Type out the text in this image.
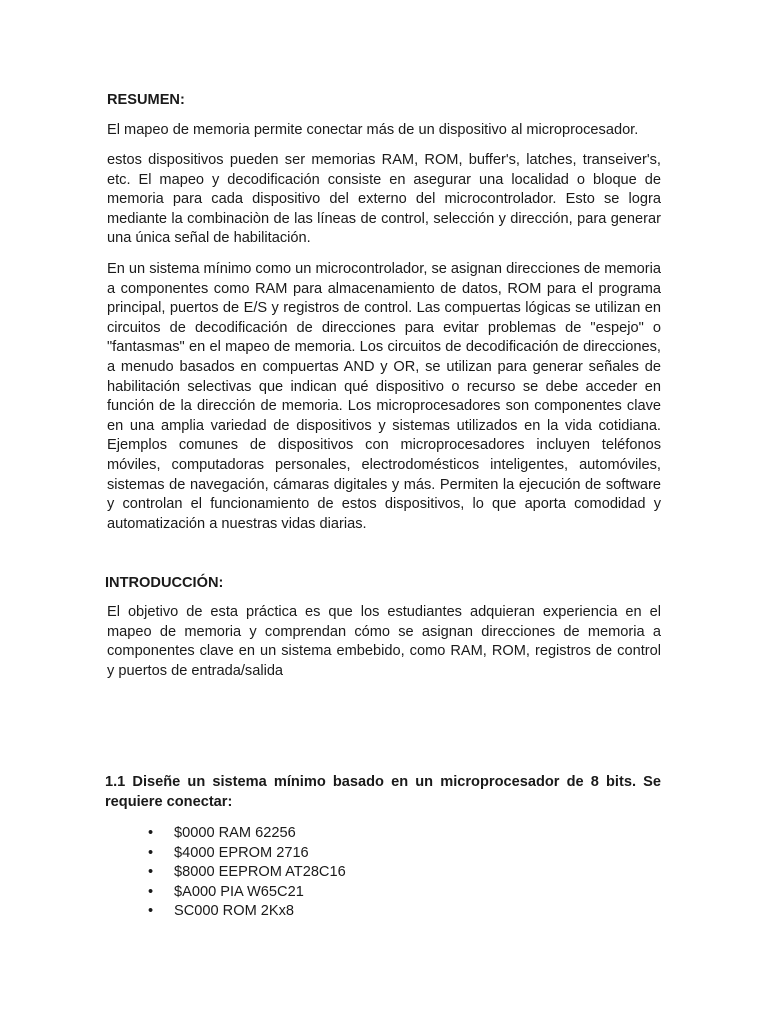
RESUMEN:
El mapeo de memoria permite conectar más de un dispositivo al microprocesador.
estos dispositivos pueden ser memorias RAM, ROM, buffer's, latches, transeiver's, etc. El mapeo y decodificación consiste en asegurar una localidad o bloque de memoria para cada dispositivo del externo del microcontrolador. Esto se logra mediante la combinaciòn de las líneas de control, selección y dirección, para generar una única señal de habilitación.
En un sistema mínimo como un microcontrolador, se asignan direcciones de memoria a componentes como RAM para almacenamiento de datos, ROM para el programa principal, puertos de E/S y registros de control. Las compuertas lógicas se utilizan en circuitos de decodificación de direcciones para evitar problemas de "espejo" o "fantasmas" en el mapeo de memoria. Los circuitos de decodificación de direcciones, a menudo basados en compuertas AND y OR, se utilizan para generar señales de habilitación selectivas que indican qué dispositivo o recurso se debe acceder en función de la dirección de memoria. Los microprocesadores son componentes clave en una amplia variedad de dispositivos y sistemas utilizados en la vida cotidiana. Ejemplos comunes de dispositivos con microprocesadores incluyen teléfonos móviles, computadoras personales, electrodomésticos inteligentes, automóviles, sistemas de navegación, cámaras digitales y más. Permiten la ejecución de software y controlan el funcionamiento de estos dispositivos, lo que aporta comodidad y automatización a nuestras vidas diarias.
INTRODUCCIÓN:
El objetivo de esta práctica es que los estudiantes adquieran experiencia en el mapeo de memoria y comprendan cómo se asignan direcciones de memoria a componentes clave en un sistema embebido, como RAM, ROM, registros de control y puertos de entrada/salida
1.1 Diseñe un sistema mínimo basado en un microprocesador de 8 bits. Se requiere conectar:
• $0000 RAM 62256
• $4000 EPROM 2716
• $8000 EEPROM AT28C16
• $A000 PIA W65C21
• SC000 ROM 2Kx8
